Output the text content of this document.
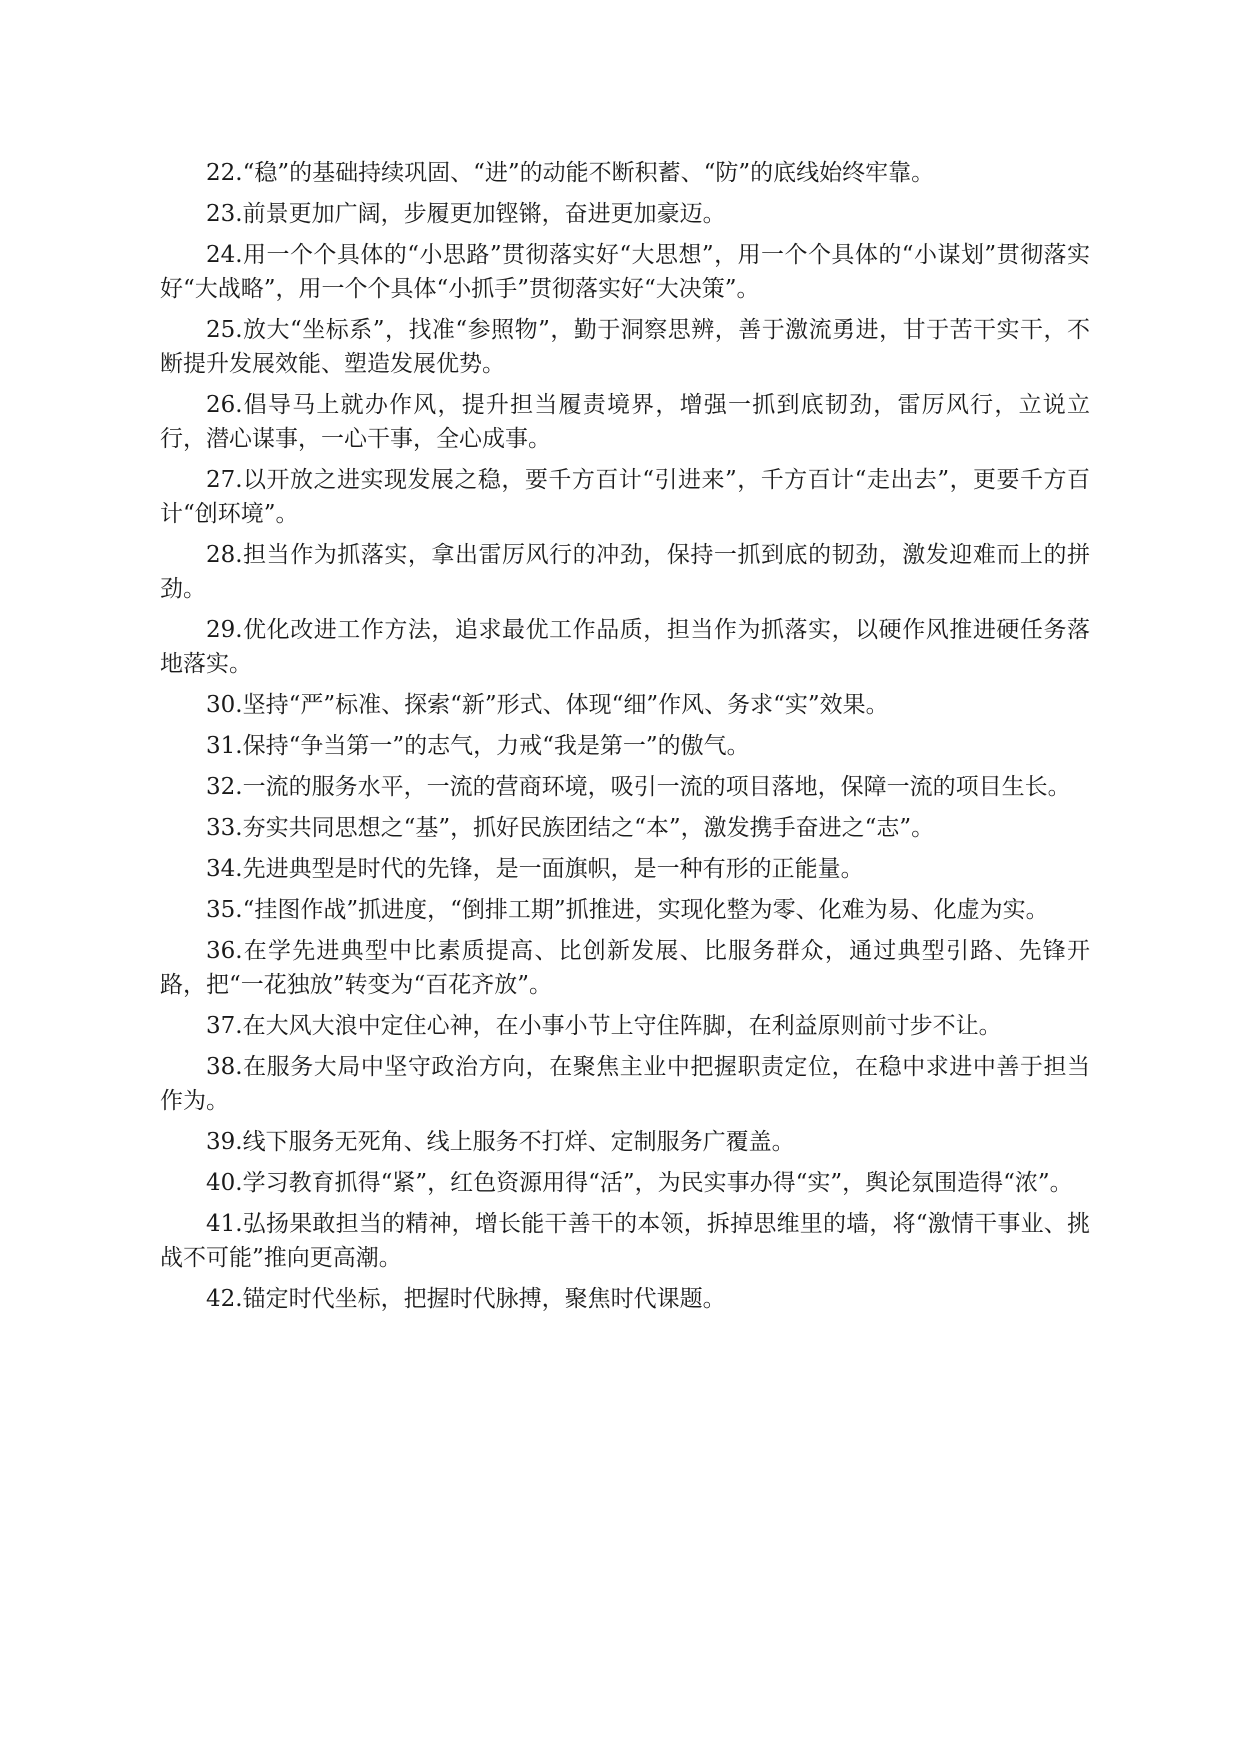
22.“稳”的基础持续巩固、“进”的动能不断积蓄、“防”的底线始终牢靠。

23.前景更加广阔，步履更加铿锵，奋进更加豪迈。

24.用一个个具体的“小思路”贯彻落实好“大思想”，用一个个具体的“小谋划”贯彻落实好“大战略”，用一个个具体“小抓手”贯彻落实好“大决策”。

25.放大“坐标系”，找准“参照物”，勤于洞察思辨，善于激流勇进，甘于苦干实干，不断提升发展效能、塑造发展优势。

26.倡导马上就办作风，提升担当履责境界，增强一抓到底韧劲，雷厉风行，立说立行，潜心谋事，一心干事，全心成事。

27.以开放之进实现发展之稳，要千方百计“引进来”，千方百计“走出去”，更要千方百计“创环境”。

28.担当作为抓落实，拿出雷厉风行的冲劲，保持一抓到底的韧劲，激发迎难而上的拼劲。

29.优化改进工作方法，追求最优工作品质，担当作为抓落实，以硬作风推进硬任务落地落实。

30.坚持“严”标准、探索“新”形式、体现“细”作风、务求“实”效果。

31.保持“争当第一”的志气，力戒“我是第一”的傲气。

32.一流的服务水平，一流的营商环境，吸引一流的项目落地，保障一流的项目生长。

33.夯实共同思想之“基”，抓好民族团结之“本”，激发携手奋进之“志”。

34.先进典型是时代的先锋，是一面旗帜，是一种有形的正能量。

35.“挂图作战”抓进度，“倒排工期”抓推进，实现化整为零、化难为易、化虚为实。

36.在学先进典型中比素质提高、比创新发展、比服务群众，通过典型引路、先锋开路，把“一花独放”转变为“百花齐放”。

37.在大风大浪中定住心神，在小事小节上守住阵脚，在利益原则前寸步不让。

38.在服务大局中坚守政治方向，在聚焦主业中把握职责定位，在稳中求进中善于担当作为。

39.线下服务无死角、线上服务不打烊、定制服务广覆盖。

40.学习教育抓得“紧”，红色资源用得“活”，为民实事办得“实”，舆论氛围造得“浓”。

41.弘扬果敢担当的精神，增长能干善干的本领，拆掉思维里的墙，将“激情干事业、挑战不可能”推向更高潮。

42.锚定时代坐标，把握时代脉搏，聚焦时代课题。
